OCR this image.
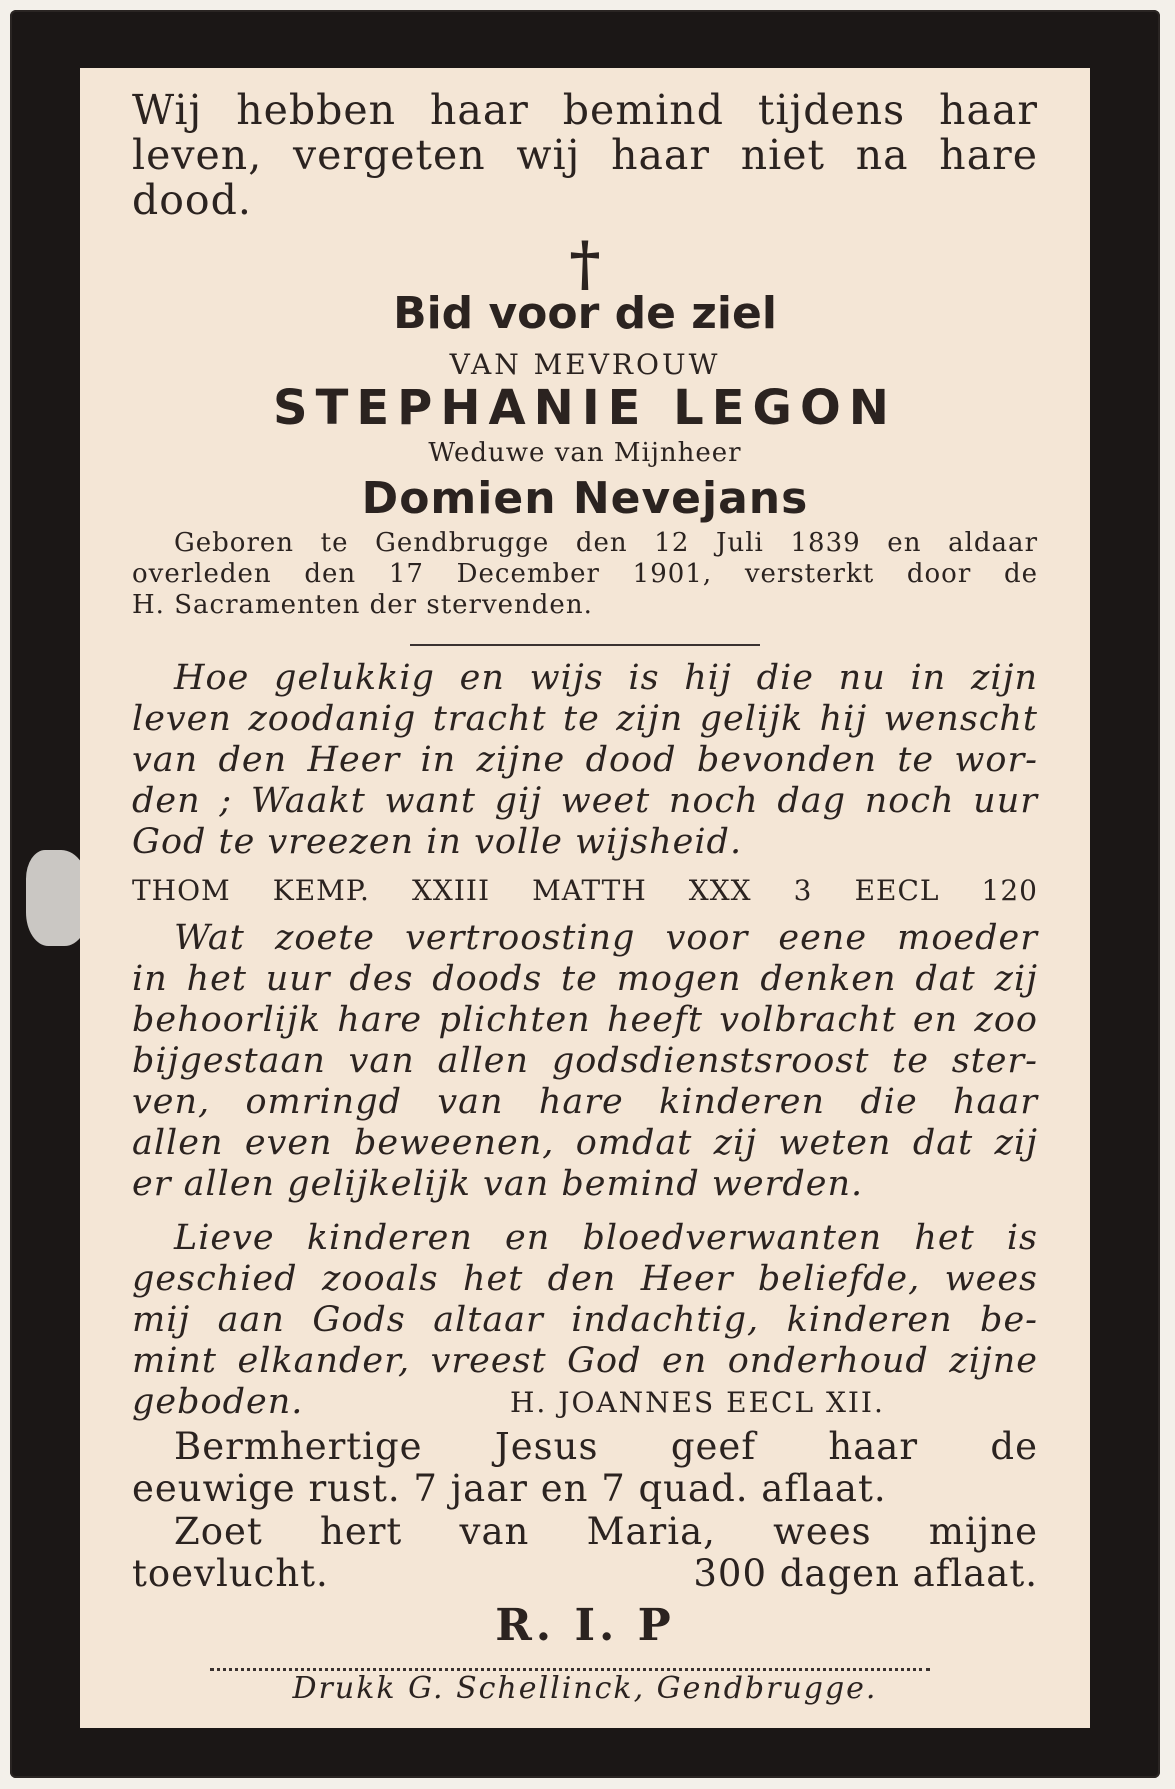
Wij hebben haar bemind tijdens haar
leven, vergeten wij haar niet na hare
dood.
†
Bid voor de ziel
VAN MEVROUW
STEPHANIE LEGON
Weduwe van Mijnheer
Domien Nevejans
Geboren te Gendbrugge den 12 Juli 1839 en aldaar
overleden den 17 December 1901, versterkt door de
H. Sacramenten der stervenden.
Hoe gelukkig en wijs is hij die nu in zijn
leven zoodanig tracht te zijn gelijk hij wenscht
van den Heer in zijne dood bevonden te wor-
den ; Waakt want gij weet noch dag noch uur
God te vreezen in volle wijsheid.
THOM KEMP. XXIII MATTH XXX 3 EECL 120
Wat zoete vertroosting voor eene moeder
in het uur des doods te mogen denken dat zij
behoorlijk hare plichten heeft volbracht en zoo
bijgestaan van allen godsdienstsroost te ster-
ven, omringd van hare kinderen die haar
allen even beweenen, omdat zij weten dat zij
er allen gelijkelijk van bemind werden.
Lieve kinderen en bloedverwanten het is
geschied zooals het den Heer beliefde, wees
mij aan Gods altaar indachtig, kinderen be-
mint elkander, vreest God en onderhoud zijne
geboden.	H. JOANNES EECL XII.
Bermhertige Jesus geef haar de
eeuwige rust. 7 jaar en 7 quad. aflaat.
Zoet hert van Maria, wees mijne
toevlucht.	300 dagen aflaat.
R. I. P
Drukk G. Schellinck, Gendbrugge.
